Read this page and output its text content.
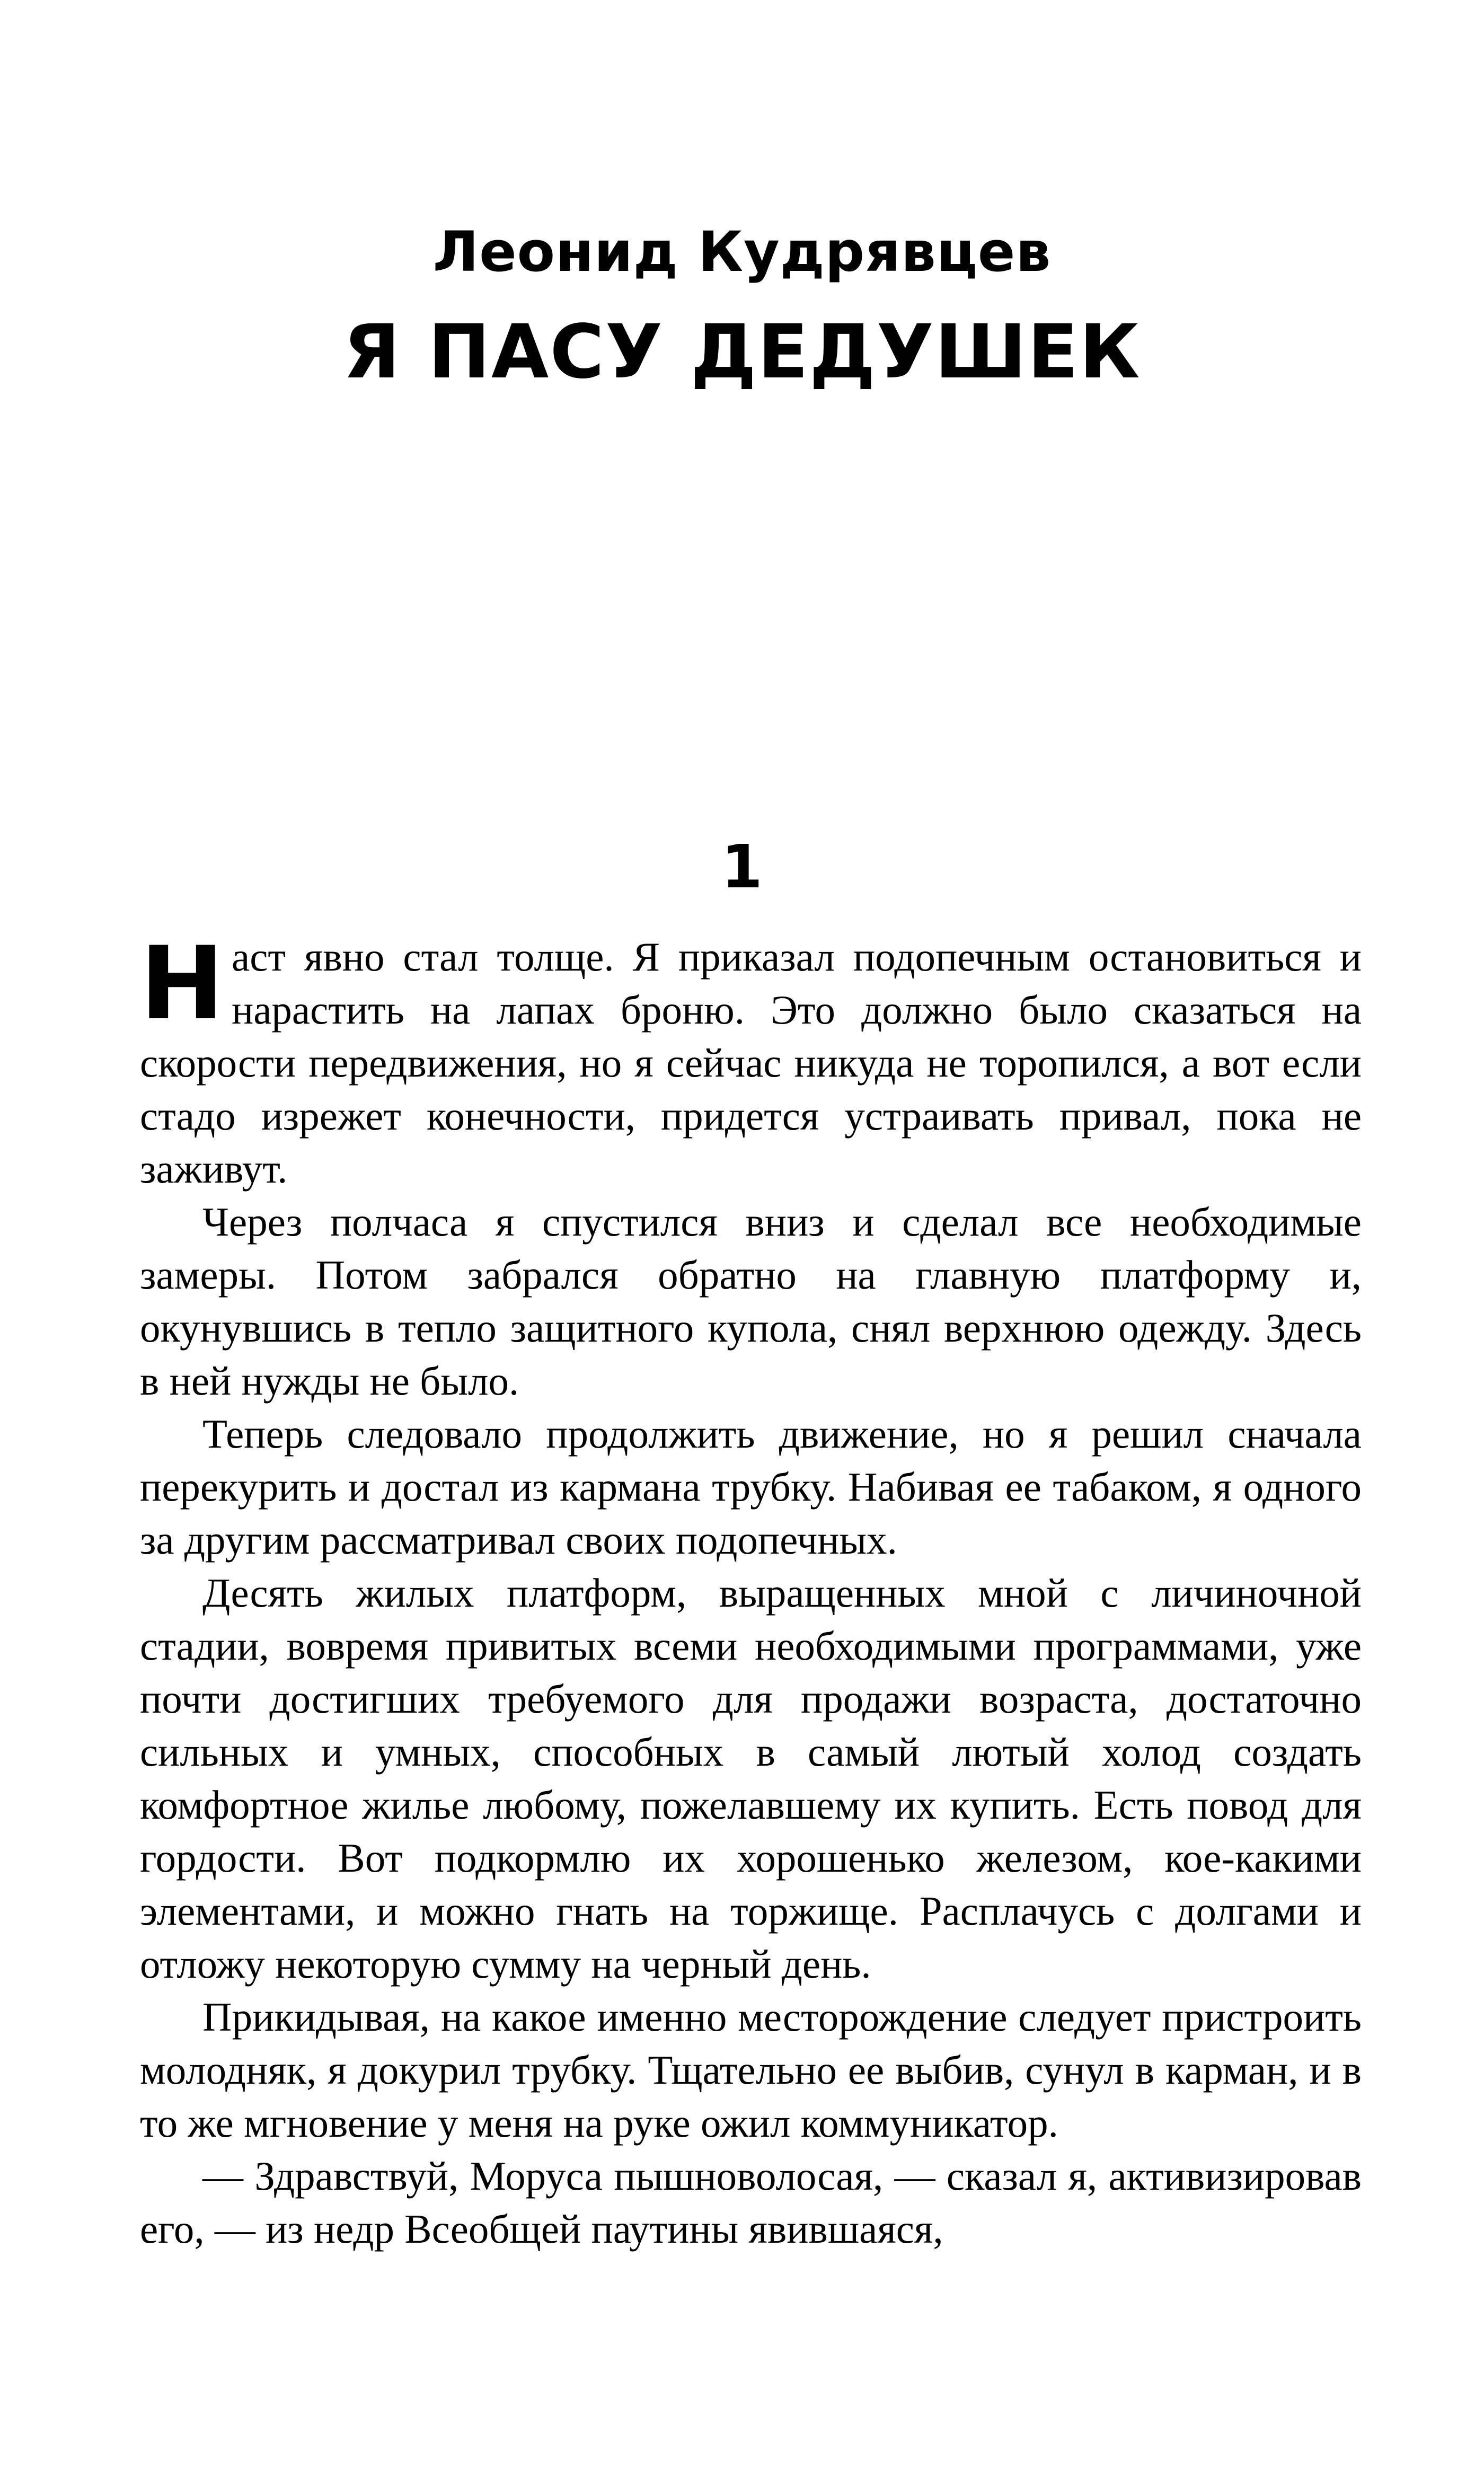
Леонид Кудрявцев
Я ПАСУ ДЕДУШЕК
1

Наст явно стал толще. Я приказал подопечным остановиться и нарастить на лапах броню. Это должно было сказаться на скорости передвижения, но я сейчас никуда не торопился, а вот если стадо изрежет конечности, придется устраивать привал, пока не заживут.

Через полчаса я спустился вниз и сделал все необходимые замеры. Потом забрался обратно на главную платформу и, окунувшись в тепло защитного купола, снял верхнюю одежду. Здесь в ней нужды не было.

Теперь следовало продолжить движение, но я решил сначала перекурить и достал из кармана трубку. Набивая ее табаком, я одного за другим рассматривал своих подопечных.

Десять жилых платформ, выращенных мной с личиночной стадии, вовремя привитых всеми необходимыми программами, уже почти достигших требуемого для продажи возраста, достаточно сильных и умных, способных в самый лютый холод создать комфортное жилье любому, пожелавшему их купить. Есть повод для гордости. Вот подкормлю их хорошенько железом, кое-какими элементами, и можно гнать на торжище. Расплачусь с долгами и отложу некоторую сумму на черный день.

Прикидывая, на какое именно месторождение следует пристроить молодняк, я докурил трубку. Тщательно ее выбив, сунул в карман, и в то же мгновение у меня на руке ожил коммуникатор.

— Здравствуй, Моруса пышноволосая, — сказал я, активизировав его, — из недр Всеобщей паутины явившаяся,
